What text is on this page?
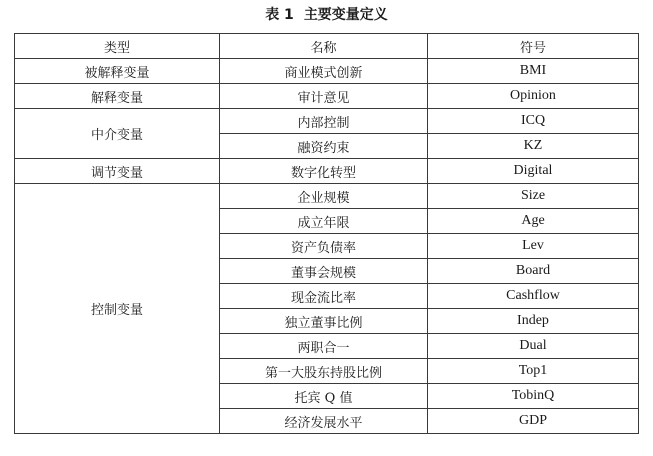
表 1 主要变量定义
类型	名称	符号
被解释变量	商业模式创新	BMI
解释变量	审计意见	Opinion
中介变量	内部控制	ICQ
	融资约束	KZ
调节变量	数字化转型	Digital
控制变量	企业规模	Size
	成立年限	Age
	资产负债率	Lev
	董事会规模	Board
	现金流比率	Cashflow
	独立董事比例	Indep
	两职合一	Dual
	第一大股东持股比例	Top1
	托宾 Q 值	TobinQ
	经济发展水平	GDP
